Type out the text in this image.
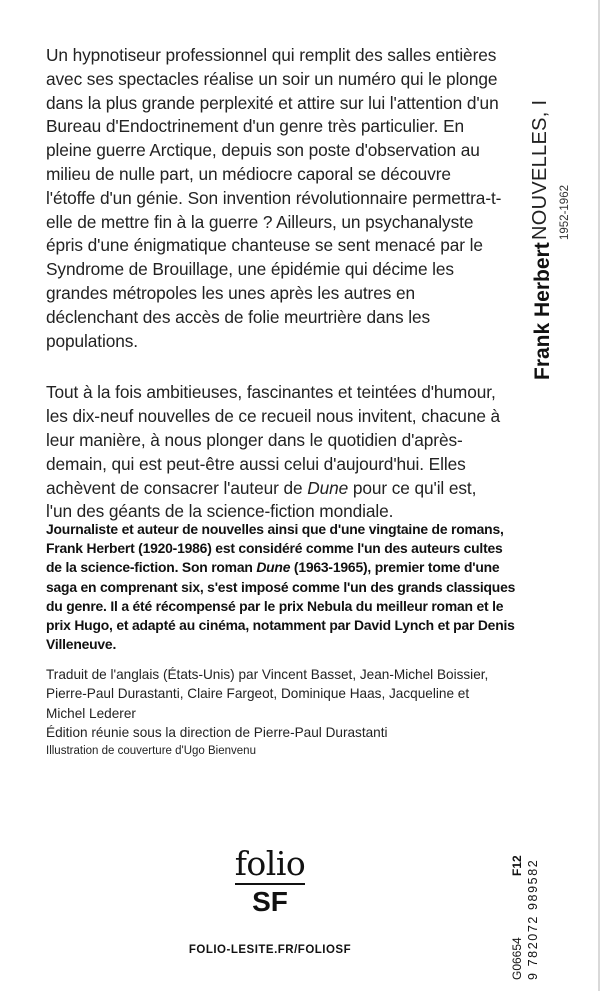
Un hypnotiseur professionnel qui remplit des salles entières avec ses spectacles réalise un soir un numéro qui le plonge dans la plus grande perplexité et attire sur lui l'attention d'un Bureau d'Endoctrinement d'un genre très particulier. En pleine guerre Arctique, depuis son poste d'observation au milieu de nulle part, un médiocre caporal se découvre l'étoffe d'un génie. Son invention révolutionnaire permettra-t-elle de mettre fin à la guerre ? Ailleurs, un psychanalyste épris d'une énigmatique chanteuse se sent menacé par le Syndrome de Brouillage, une épidémie qui décime les grandes métropoles les unes après les autres en déclenchant des accès de folie meurtrière dans les populations.

Tout à la fois ambitieuses, fascinantes et teintées d'humour, les dix-neuf nouvelles de ce recueil nous invitent, chacune à leur manière, à nous plonger dans le quotidien d'après-demain, qui est peut-être aussi celui d'aujourd'hui. Elles achèvent de consacrer l'auteur de Dune pour ce qu'il est, l'un des géants de la science-fiction mondiale.

Journaliste et auteur de nouvelles ainsi que d'une vingtaine de romans, Frank Herbert (1920-1986) est considéré comme l'un des auteurs cultes de la science-fiction. Son roman Dune (1963-1965), premier tome d'une saga en comprenant six, s'est imposé comme l'un des grands classiques du genre. Il a été récompensé par le prix Nebula du meilleur roman et le prix Hugo, et adapté au cinéma, notamment par David Lynch et par Denis Villeneuve.
Traduit de l'anglais (États-Unis) par Vincent Basset, Jean-Michel Boissier, Pierre-Paul Durastanti, Claire Fargeot, Dominique Haas, Jacqueline et Michel Lederer
Édition réunie sous la direction de Pierre-Paul Durastanti
Illustration de couverture d'Ugo Bienvenu
Frank Herbert
NOUVELLES, I 1952-1962
folio
SF
FOLIO-LESITE.FR/FOLIOSF	G06654
F12 9 782072 989582
